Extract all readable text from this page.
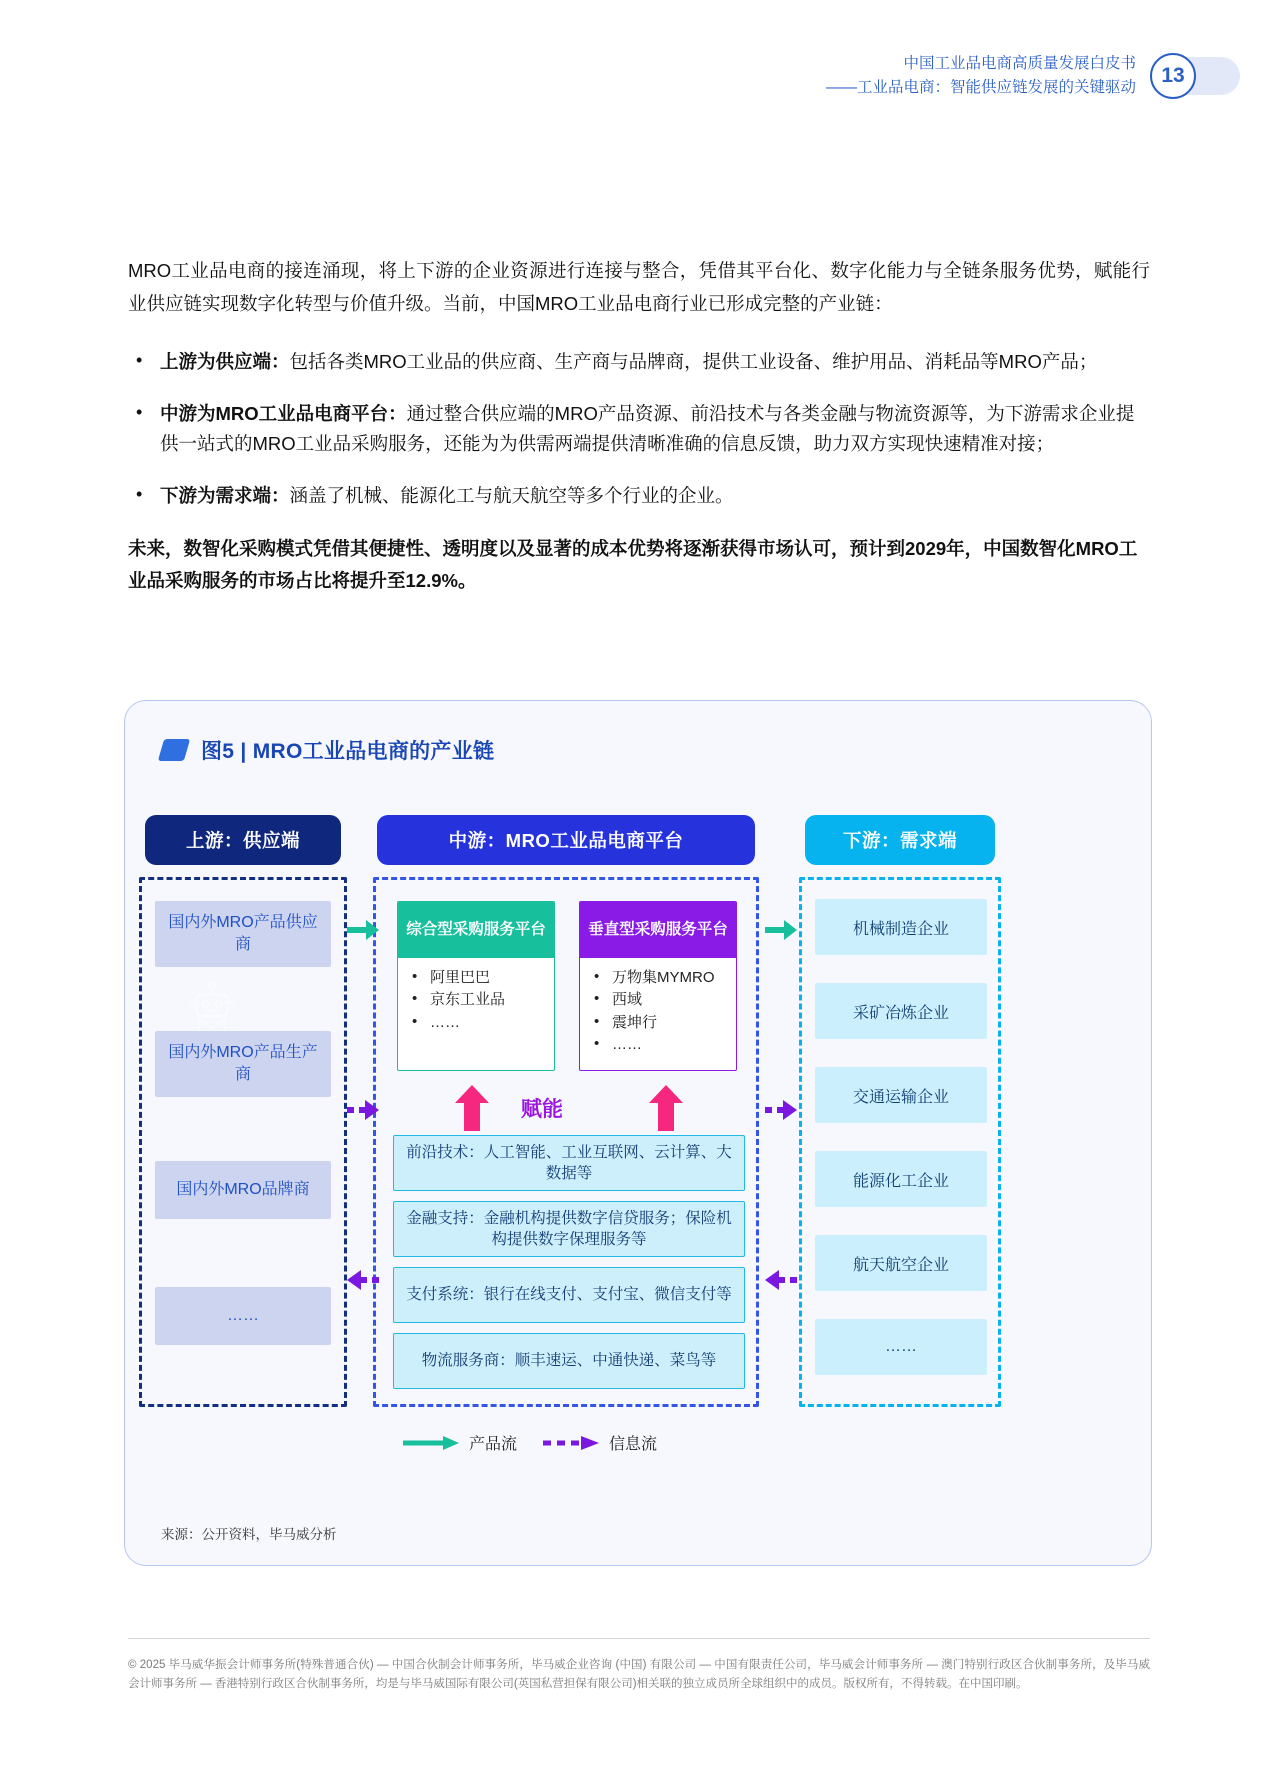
中国工业品电商高质量发展白皮书
——工业品电商：智能供应链发展的关键驱动
13

MRO工业品电商的接连涌现，将上下游的企业资源进行连接与整合，凭借其平台化、数字化能力与全链条服务优势，赋能行业供应链实现数字化转型与价值升级。当前，中国MRO工业品电商行业已形成完整的产业链：

• 上游为供应端：包括各类MRO工业品的供应商、生产商与品牌商，提供工业设备、维护用品、消耗品等MRO产品；
• 中游为MRO工业品电商平台：通过整合供应端的MRO产品资源、前沿技术与各类金融与物流资源等，为下游需求企业提供一站式的MRO工业品采购服务，还能为为供需两端提供清晰准确的信息反馈，助力双方实现快速精准对接；
• 下游为需求端：涵盖了机械、能源化工与航天航空等多个行业的企业。

未来，数智化采购模式凭借其便捷性、透明度以及显著的成本优势将逐渐获得市场认可，预计到2029年，中国数智化MRO工业品采购服务的市场占比将提升至12.9%。

图5 | MRO工业品电商的产业链
上游：供应端	中游：MRO工业品电商平台	下游：需求端
国内外MRO产品供应商
国内外MRO产品生产商
国内外MRO品牌商
……
综合型采购服务平台
• 阿里巴巴
• 京东工业品
• ……
垂直型采购服务平台
• 万物集MYMRO
• 西域
• 震坤行
• ……
赋能
前沿技术：人工智能、工业互联网、云计算、大数据等
金融支持：金融机构提供数字信贷服务；保险机构提供数字保理服务等
支付系统：银行在线支付、支付宝、微信支付等
物流服务商：顺丰速运、中通快递、菜鸟等
机械制造企业
采矿冶炼企业
交通运输企业
能源化工企业
航天航空企业
……
产品流	信息流
来源：公开资料，毕马威分析
© 2025 毕马威华振会计师事务所(特殊普通合伙) — 中国合伙制会计师事务所，毕马威企业咨询 (中国) 有限公司 — 中国有限责任公司，毕马威会计师事务所 — 澳门特别行政区合伙制事务所，及毕马威会计师事务所 — 香港特别行政区合伙制事务所，均是与毕马威国际有限公司(英国私营担保有限公司)相关联的独立成员所全球组织中的成员。版权所有，不得转载。在中国印刷。
